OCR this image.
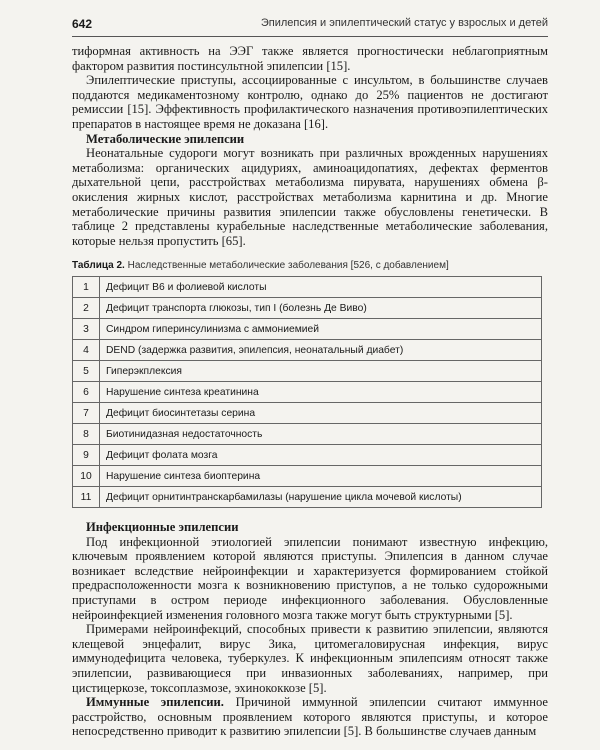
642	Эпилепсия и эпилептический статус у взрослых и детей

тиформная активность на ЭЭГ также является прогностически неблагоприятным фактором развития постинсультной эпилепсии [15].

Эпилептические приступы, ассоциированные с инсультом, в большинстве случаев поддаются медикаментозному контролю, однако до 25% пациентов не достигают ремиссии [15]. Эффективность профилактического назначения противоэпилептических препаратов в настоящее время не доказана [16].

Метаболические эпилепсии

Неонатальные судороги могут возникать при различных врожденных нарушениях метаболизма: органических ацидуриях, аминоацидопатиях, дефектах ферментов дыхательной цепи, расстройствах метаболизма пирувата, нарушениях обмена β-окисления жирных кислот, расстройствах метаболизма карнитина и др. Многие метаболические причины развития эпилепсии также обусловлены генетически. В таблице 2 представлены курабельные наследственные метаболические заболевания, которые нельзя пропустить [65].

Таблица 2. Наследственные метаболические заболевания [526, с добавлением]
1	Дефицит В6 и фолиевой кислоты
2	Дефицит транспорта глюкозы, тип I (болезнь Де Виво)
3	Синдром гиперинсулинизма с аммониемией
4	DEND (задержка развития, эпилепсия, неонатальный диабет)
5	Гиперэкплексия
6	Нарушение синтеза креатинина
7	Дефицит биосинтетазы серина
8	Биотинидазная недостаточность
9	Дефицит фолата мозга
10	Нарушение синтеза биоптерина
11	Дефицит орнитинтранскарбамилазы (нарушение цикла мочевой кислоты)
Инфекционные эпилепсии

Под инфекционной этиологией эпилепсии понимают известную инфекцию, ключевым проявлением которой являются приступы. Эпилепсия в данном случае возникает вследствие нейроинфекции и характеризуется формированием стойкой предрасположенности мозга к возникновению приступов, а не только судорожными приступами в остром периоде инфекционного заболевания. Обусловленные нейроинфекцией изменения головного мозга также могут быть структурными [5].

Примерами нейроинфекций, способных привести к развитию эпилепсии, являются клещевой энцефалит, вирус Зика, цитомегаловирусная инфекция, вирус иммунодефицита человека, туберкулез. К инфекционным эпилепсиям относят также эпилепсии, развивающиеся при инвазионных заболеваниях, например, при цистицеркозе, токсоплазмозе, эхинококкозе [5].

Иммунные эпилепсии. Причиной иммунной эпилепсии считают иммунное расстройство, основным проявлением которого являются приступы, и которое непосредственно приводит к развитию эпилепсии [5]. В большинстве случаев данным
